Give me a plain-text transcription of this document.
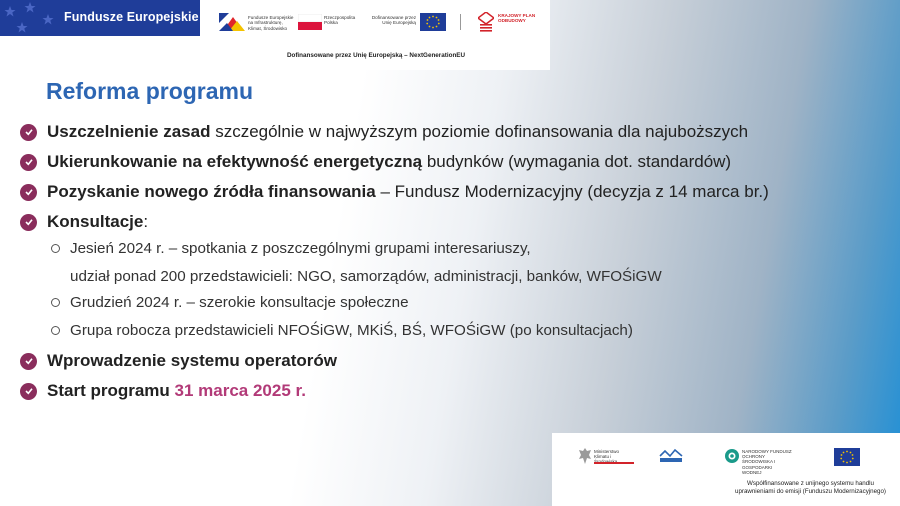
Fundusze Europejskie	Fundusze Europejskie na Infrastrukturę, Klimat, Środowisko
Rzeczpospolita Polska
Dofinansowane przez Unię Europejską
KRAJOWY PLAN ODBUDOWY
Dofinansowane przez Unię Europejską – NextGenerationEU
Reforma programu
Uszczelnienie zasad szczególnie w najwyższym poziomie dofinansowania dla najuboższych
Ukierunkowanie na efektywność energetyczną budynków (wymagania dot. standardów)
Pozyskanie nowego źródła finansowania – Fundusz Modernizacyjny (decyzja z 14 marca br.)
Konsultacje:
Jesień 2024 r. – spotkania z poszczególnymi grupami interesariuszy,
udział ponad 200 przedstawicieli: NGO, samorządów, administracji, banków, WFOŚiGW
Grudzień 2024 r. – szerokie konsultacje społeczne
Grupa robocza przedstawicieli NFOŚiGW, MKiŚ, BŚ, WFOŚiGW (po konsultacjach)
Wprowadzenie systemu operatorów
Start programu 31 marca 2025 r.
Ministerstwo Klimatu i
NARODOWY FUNDUSZ OCHRONY ŚRODOWISKA I GOSPODARKI WODNEJ
Współfinansowane z unijnego systemu handlu
uprawnieniami do emisji (Funduszu Modernizacyjnego)
